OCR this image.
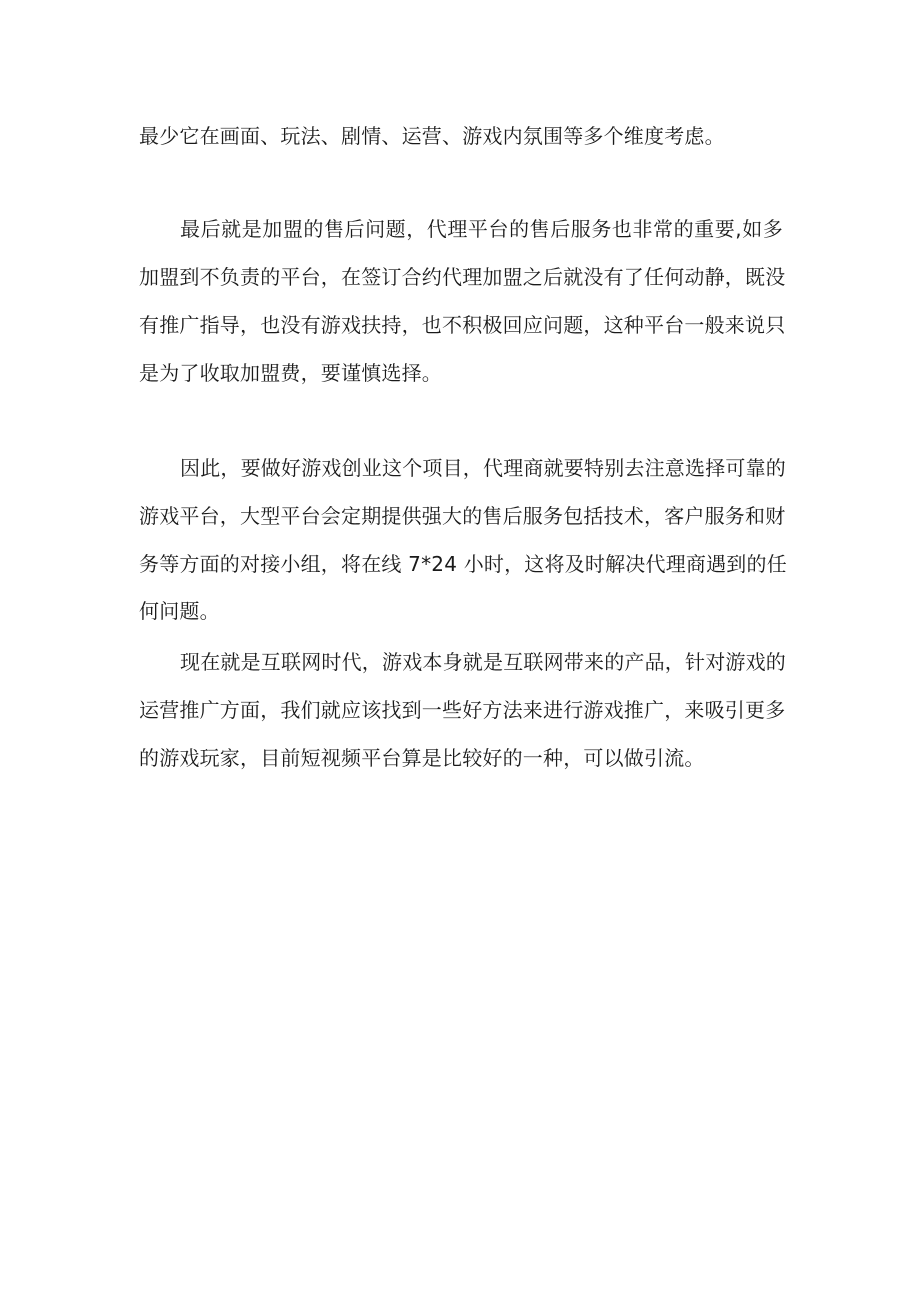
最少它在画面、玩法、剧情、运营、游戏内氛围等多个维度考虑。
最后就是加盟的售后问题，代理平台的售后服务也非常的重要,如多
加盟到不负责的平台，在签订合约代理加盟之后就没有了任何动静，既没
有推广指导，也没有游戏扶持，也不积极回应问题，这种平台一般来说只
是为了收取加盟费，要谨慎选择。
因此，要做好游戏创业这个项目，代理商就要特别去注意选择可靠的
游戏平台，大型平台会定期提供强大的售后服务包括技术，客户服务和财
务等方面的对接小组，将在线 7*24 小时，这将及时解决代理商遇到的任
何问题。
现在就是互联网时代，游戏本身就是互联网带来的产品，针对游戏的
运营推广方面，我们就应该找到一些好方法来进行游戏推广，来吸引更多
的游戏玩家，目前短视频平台算是比较好的一种，可以做引流。
